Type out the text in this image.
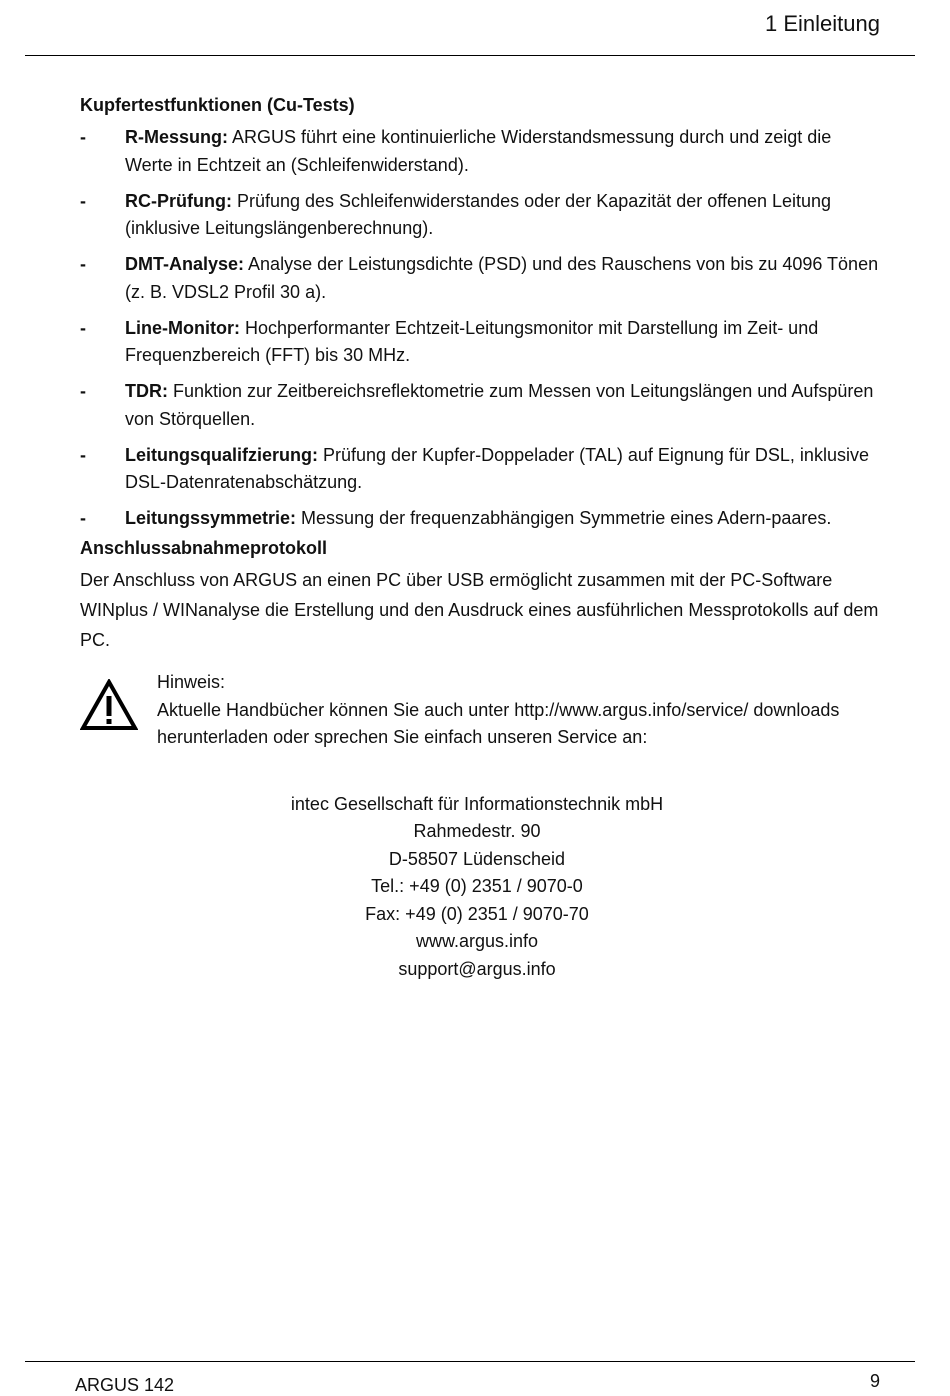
1 Einleitung
Kupfertestfunktionen (Cu-Tests)
- R-Messung: ARGUS führt eine kontinuierliche Widerstandsmessung durch und zeigt die Werte in Echtzeit an (Schleifenwiderstand).
- RC-Prüfung: Prüfung des Schleifenwiderstandes oder der Kapazität der offenen Leitung (inklusive Leitungslängenberechnung).
- DMT-Analyse: Analyse der Leistungsdichte (PSD) und des Rauschens von bis zu 4096 Tönen (z. B. VDSL2 Profil 30 a).
- Line-Monitor: Hochperformanter Echtzeit-Leitungsmonitor mit Darstellung im Zeit- und Frequenzbereich (FFT) bis 30 MHz.
- TDR: Funktion zur Zeitbereichsreflektometrie zum Messen von Leitungslängen und Aufspüren von Störquellen.
- Leitungsqualifzierung: Prüfung der Kupfer-Doppelader (TAL) auf Eignung für DSL, inklusive DSL-Datenratenabschätzung.
- Leitungssymmetrie: Messung der frequenzabhängigen Symmetrie eines Adern-paares.
Anschlussabnahmeprotokoll

Der Anschluss von ARGUS an einen PC über USB ermöglicht zusammen mit der PC-Software WINplus / WINanalyse die Erstellung und den Ausdruck eines ausführlichen Messprotokolls auf dem PC.

Hinweis:
Aktuelle Handbücher können Sie auch unter http://www.argus.info/service/ downloads herunterladen oder sprechen Sie einfach unseren Service an:
intec Gesellschaft für Informationstechnik mbH
Rahmedestr. 90
D-58507 Lüdenscheid
Tel.: +49 (0) 2351 / 9070-0
Fax: +49 (0) 2351 / 9070-70
www.argus.info
support@argus.info
ARGUS 142	9
